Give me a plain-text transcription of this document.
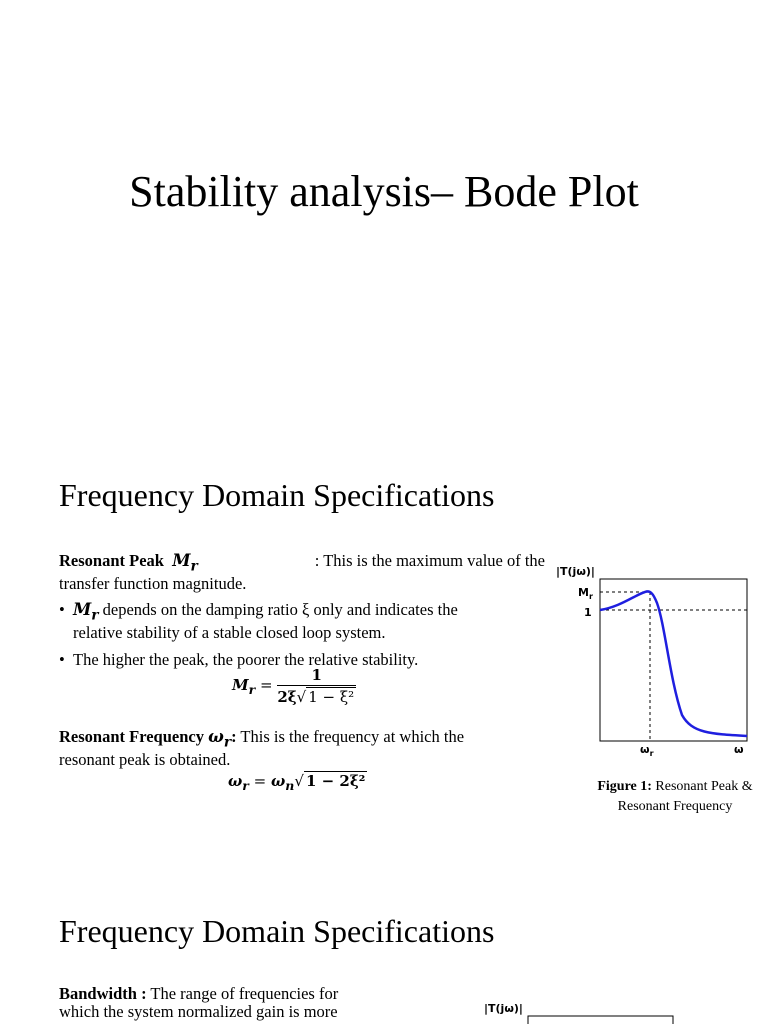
Stability analysis– Bode Plot
Frequency Domain Specifications
Resonant Peak $M_r$	: This is the maximum value of the
transfer function magnitude.
• $M_r$ depends on the damping ratio ξ only and indicates the
relative stability of a stable closed loop system.
• The higher the peak, the poorer the relative stability.
$M_r = \frac{1}{\text{2ξ√ 1 − ξ²}}$
Resonant Frequency $\omega_r$: This is the frequency at which the
resonant peak is obtained.
$\omega_r = \omega_n√$ 1 − 2ξ²
|T(jω)|
$M_r$
1
$\omega_r$	ω
Figure 1: Resonant Peak &
Resonant Frequency
Frequency Domain Specifications
Bandwidth : The range of frequencies for
which the system normalized gain is more	|T(jω)|
